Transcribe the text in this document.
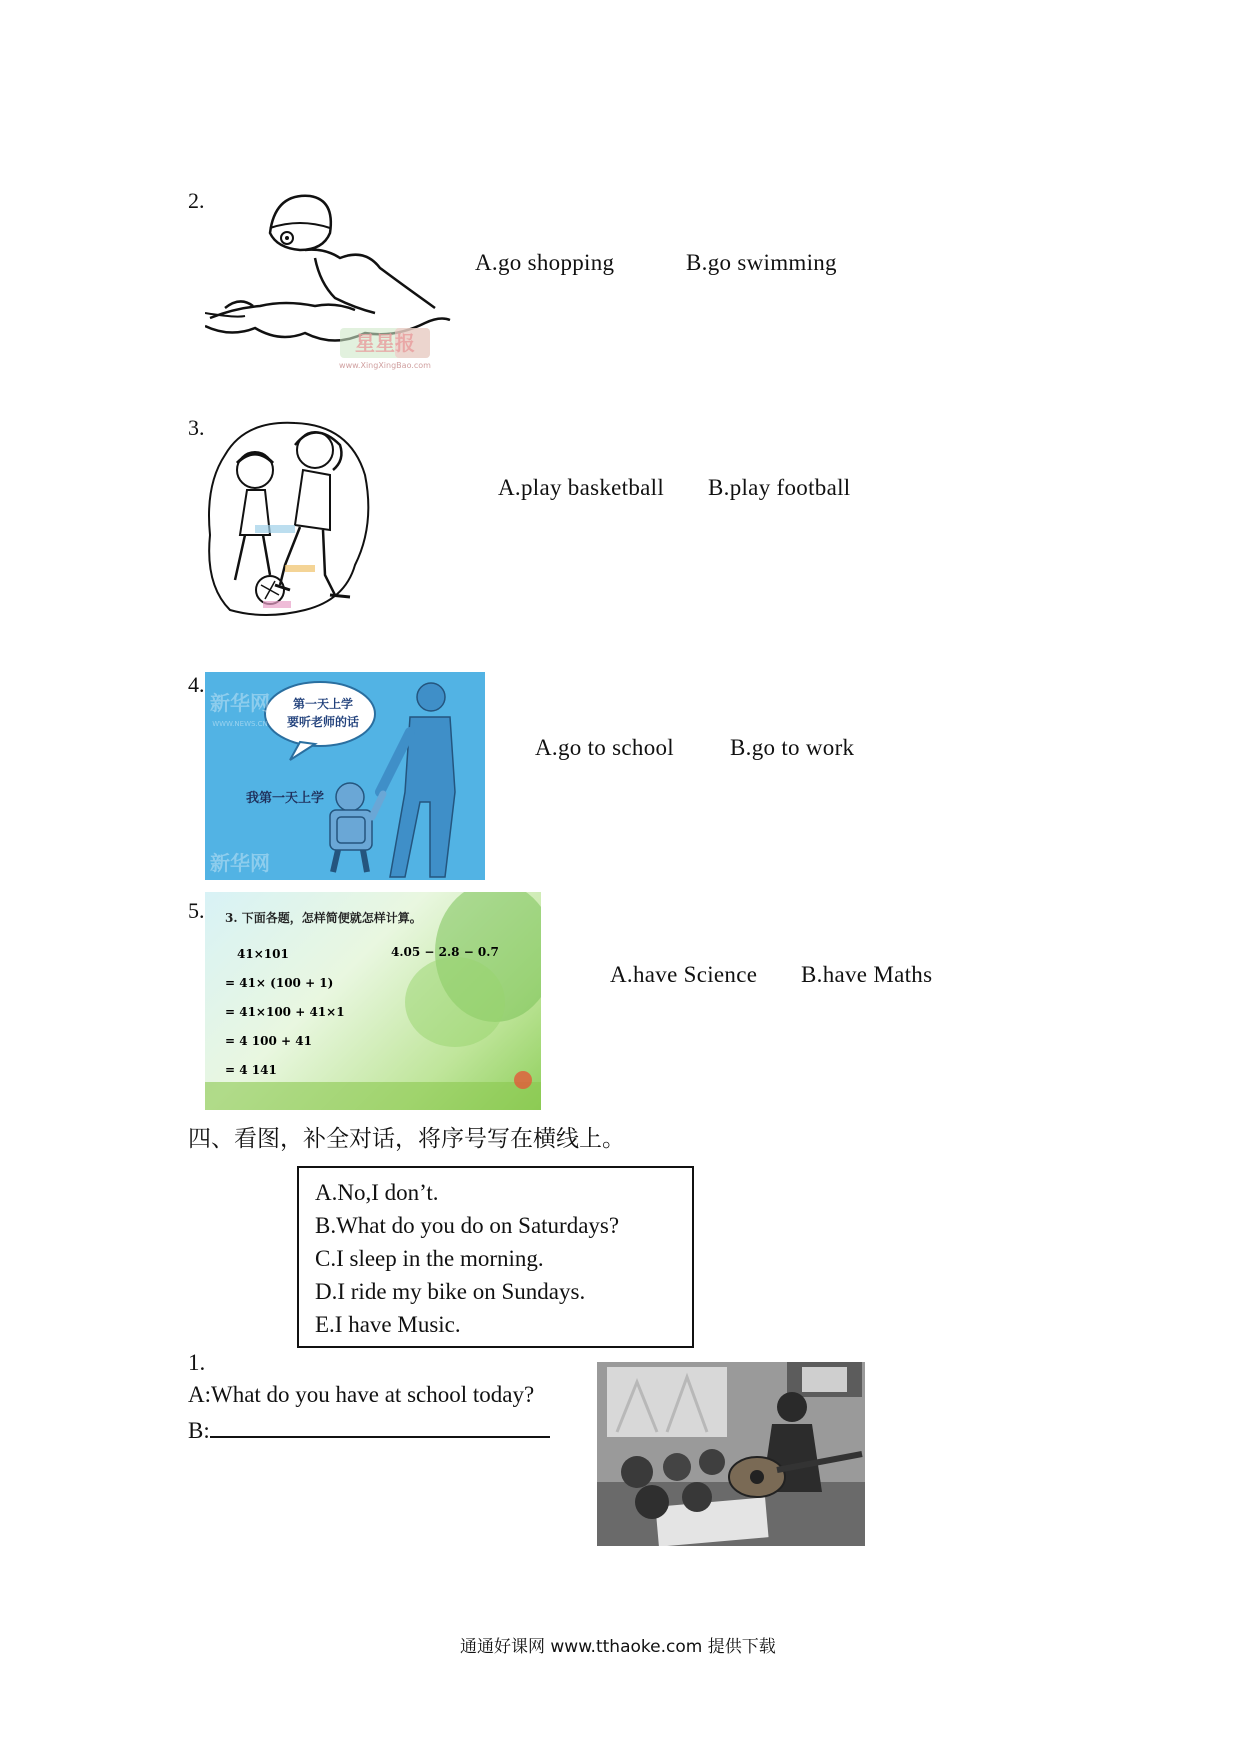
2.
星星报
www.XingXingBao.com
A.go shopping	B.go swimming
3.
A.play basketball B.play football
4.
第一天上学
要听老师的话
我第一天上学
新华网
WWW.NEWS.CN
新华网
A.go to school B.go to work
5. 3. 下面各题，怎样简便就怎样计算。
41×101
= 41× (100 + 1)
= 41×100 + 41×1
= 4 100 + 41
= 4 141
4.05 − 2.8 − 0.7
A.have Science B.have Maths
四、看图，补全对话，将序号写在横线上。
A.No,I don’t.
B.What do you do on Saturdays?
C.I sleep in the morning.
D.I ride my bike on Sundays.
E.I have Music.
1.
A:What do you have at school today?
B:
通通好课网 www.tthaoke.com 提供下载
